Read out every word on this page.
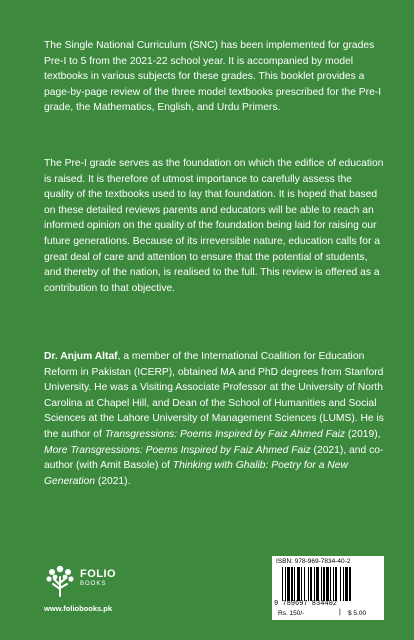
The Single National Curriculum (SNC) has been implemented for grades Pre-I to 5 from the 2021-22 school year. It is accompanied by model textbooks in various subjects for these grades. This booklet provides a page-by-page review of the three model textbooks prescribed for the Pre-I grade, the Mathematics, English, and Urdu Primers.

The Pre-I grade serves as the foundation on which the edifice of education is raised. It is therefore of utmost importance to carefully assess the quality of the textbooks used to lay that foundation. It is hoped that based on these detailed reviews parents and educators will be able to reach an informed opinion on the quality of the foundation being laid for raising our future generations. Because of its irreversible nature, education calls for a great deal of care and attention to ensure that the potential of students, and thereby of the nation, is realised to the full. This review is offered as a contribution to that objective.

Dr. Anjum Altaf, a member of the International Coalition for Education Reform in Pakistan (ICERP), obtained MA and PhD degrees from Stanford University. He was a Visiting Associate Professor at the University of North Carolina at Chapel Hill, and Dean of the School of Humanities and Social Sciences at the Lahore University of Management Sciences (LUMS). He is the author of Transgressions: Poems Inspired by Faiz Ahmed Faiz (2019), More Transgressions: Poems Inspired by Faiz Ahmed Faiz (2021), and co-author (with Amit Basole) of Thinking with Ghalib: Poetry for a New Generation (2021).

FOLIO
BOOKS
www.foliobooks.pk
ISBN: 978-969-7834-40-2
9 789697 834402
Rs. 150/-	| $ 5.00
